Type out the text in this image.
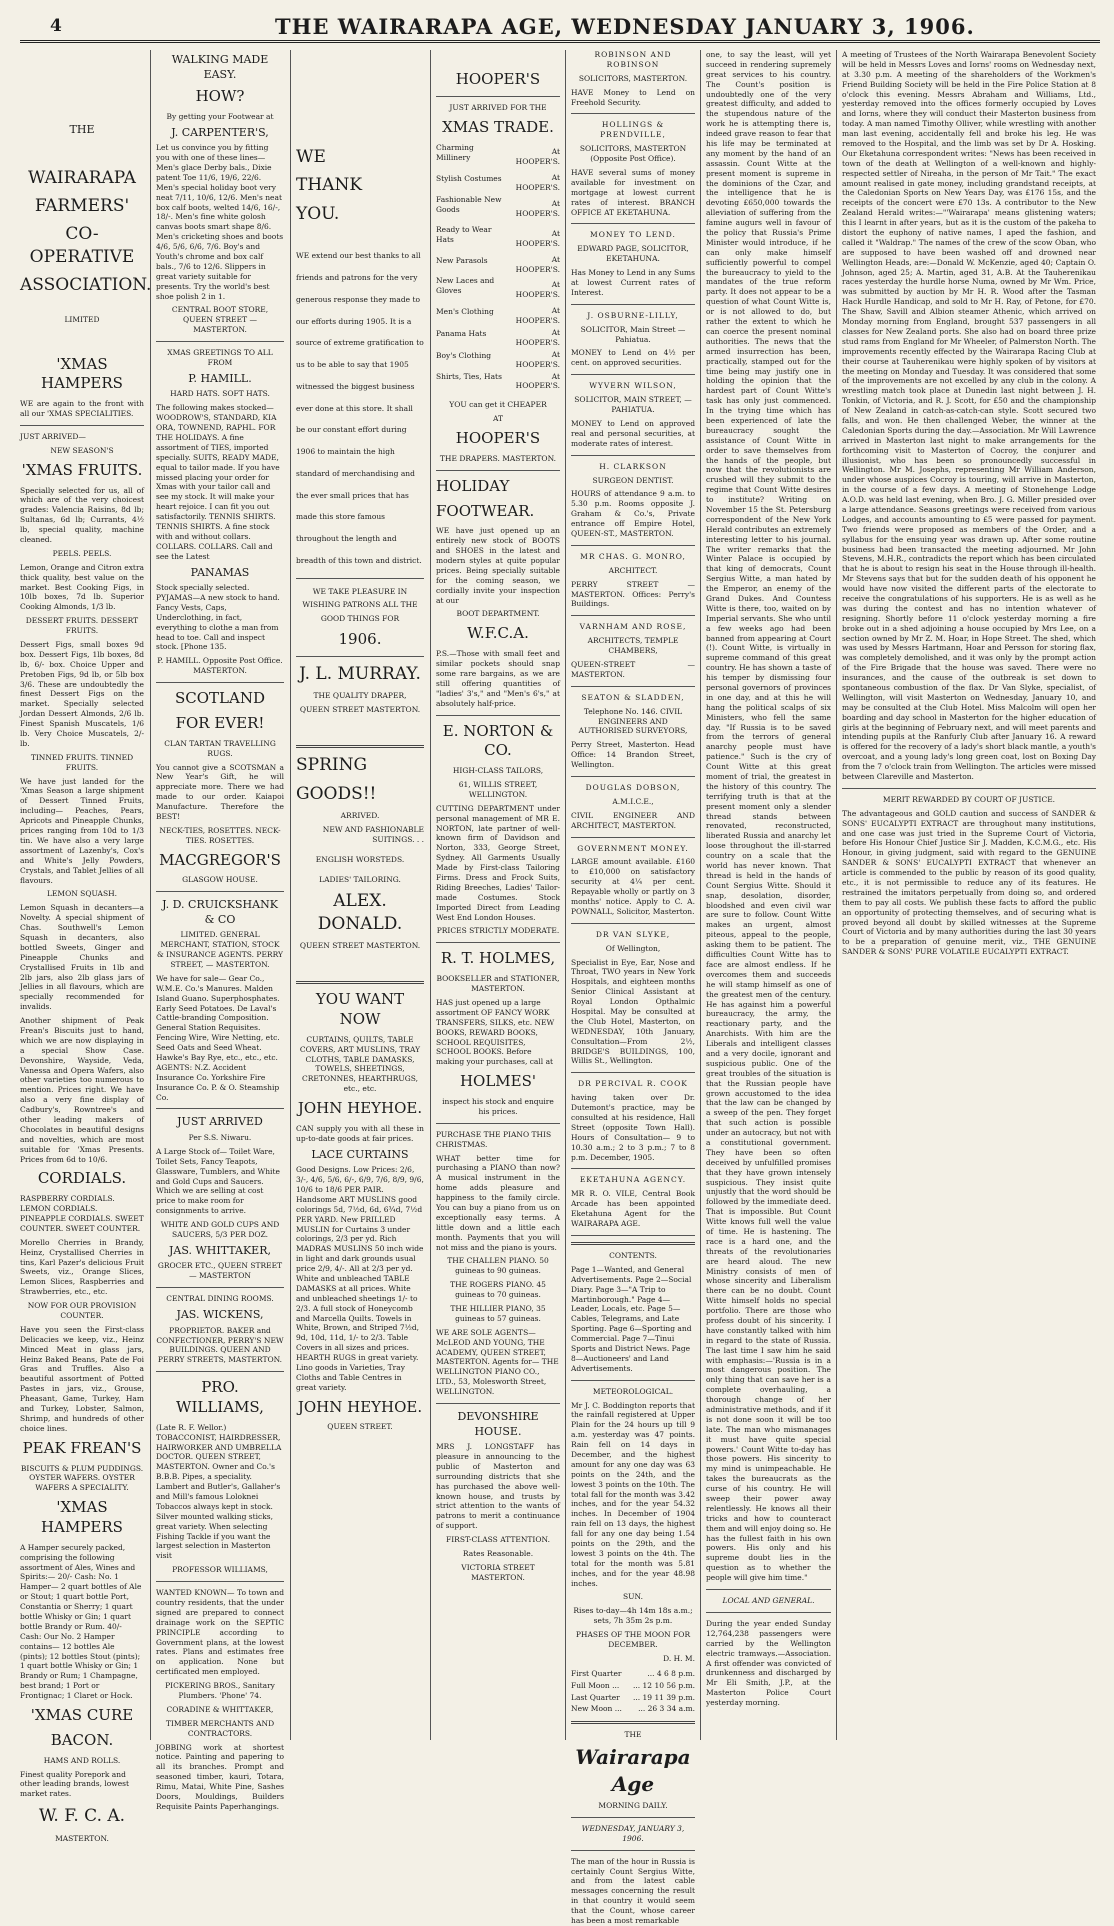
4	THE WAIRARAPA AGE, WEDNESDAY JANUARY 3, 1906.

THE

WAIRARAPA

FARMERS'

CO-OPERATIVE

ASSOCIATION.

LIMITED

'XMAS HAMPERS

WE are again to the front with all our 'XMAS SPECIALITIES.

JUST ARRIVED—

NEW SEASON'S

'XMAS FRUITS.

Specially selected for us, all of which are of the very choicest grades: Valencia Raisins, 8d lb; Sultanas, 6d lb; Currants, 4½ lb, special quality, machine cleaned.

PEELS. PEELS.

Lemon, Orange and Citron extra thick quality, best value on the market. Best Cooking Figs, in 10lb boxes, 7d lb. Superior Cooking Almonds, 1/3 lb.

DESSERT FRUITS. DESSERT FRUITS.

Dessert Figs, small boxes 9d box. Dessert Figs, 1lb boxes, 8d lb, 6/- box. Choice Upper and Pretoben Figs, 9d lb, or 5lb box 3/6. These are undoubtedly the finest Dessert Figs on the market. Specially selected Jordan Dessert Almonds, 2/6 lb. Finest Spanish Muscatels, 1/6 lb. Very Choice Muscatels, 2/- lb.

TINNED FRUITS. TINNED FRUITS.

We have just landed for the 'Xmas Season a large shipment of Dessert Tinned Fruits, including— Peaches, Pears, Apricots and Pineapple Chunks, prices ranging from 10d to 1/3 tin. We have also a very large assortment of Lazenby's, Cox's and White's Jelly Powders, Crystals, and Tablet Jellies of all flavours.

LEMON SQUASH.

Lemon Squash in decanters—a Novelty. A special shipment of Chas. Southwell's Lemon Squash in decanters, also bottled Sweets, Ginger and Pineapple Chunks and Crystallised Fruits in 1lb and 2lb jars, also 2lb glass jars of Jellies in all flavours, which are specially recommended for invalids.

Another shipment of Peak Frean's Biscuits just to hand, which we are now displaying in a special Show Case. Devonshire, Wayside, Veda, Vanessa and Opera Wafers, also other varieties too numerous to mention. Prices right. We have also a very fine display of Cadbury's, Rowntree's and other leading makers of Chocolates in beautiful designs and novelties, which are most suitable for 'Xmas Presents. Prices from 6d to 10/6.

CORDIALS.

RASPBERRY CORDIALS. LEMON CORDIALS. PINEAPPLE CORDIALS. SWEET COUNTER. SWEET COUNTER.

Morello Cherries in Brandy, Heinz, Crystallised Cherries in tins, Karl Pazer's delicious Fruit Sweets, viz., Orange Slices, Lemon Slices, Raspberries and Strawberries, etc., etc.

NOW FOR OUR PROVISION COUNTER.

Have you seen the First-class Delicacies we keep, viz., Heinz Minced Meat in glass jars, Heinz Baked Beans, Pate de Foi Gras and Truffles. Also a beautiful assortment of Potted Pastes in jars, viz., Grouse, Pheasant, Game, Turkey, Ham and Turkey, Lobster, Salmon, Shrimp, and hundreds of other choice lines.

PEAK FREAN'S

BISCUITS & PLUM PUDDINGS. OYSTER WAFERS. OYSTER WAFERS A SPECIALITY.

'XMAS HAMPERS

A Hamper securely packed, comprising the following assortment of Ales, Wines and Spirits:— 20/- Cash: No. 1 Hamper— 2 quart bottles of Ale or Stout; 1 quart bottle Port, Constantia or Sherry; 1 quart bottle Whisky or Gin; 1 quart bottle Brandy or Rum. 40/- Cash: Our No. 2 Hamper contains— 12 bottles Ale (pints); 12 bottles Stout (pints); 1 quart bottle Whisky or Gin; 1 Brandy or Rum; 1 Champagne, best brand; 1 Port or Frontignac; 1 Claret or Hock.

'XMAS CURE

BACON.

HAMS AND ROLLS.

Finest quality Porepork and other leading brands, lowest market rates.

W. F. C. A.

MASTERTON.

WALKING MADE EASY.

HOW?

By getting your Footwear at

J. CARPENTER'S,

Let us convince you by fitting you with one of these lines— Men's glace Derby bals., Dixie patent Toe 11/6, 19/6, 22/6. Men's special holiday boot very neat 7/11, 10/6, 12/6. Men's neat box calf boots, welted 14/6, 16/-, 18/-. Men's fine white golosh canvas boots smart shape 8/6. Men's cricketing shoes and boots 4/6, 5/6, 6/6, 7/6. Boy's and Youth's chrome and box calf bals., 7/6 to 12/6. Slippers in great variety suitable for presents. Try the world's best shoe polish 2 in 1.

CENTRAL BOOT STORE, QUEEN STREET — MASTERTON.

XMAS GREETINGS TO ALL FROM

P. HAMILL.

HARD HATS. SOFT HATS.

The following makes stocked—WOODROW'S, STANDARD, KIA ORA, TOWNEND, RAPHL. FOR THE HOLIDAYS. A fine assortment of TIES, imported specially. SUITS, READY MADE, equal to tailor made. If you have missed placing your order for Xmas with your tailor call and see my stock. It will make your heart rejoice. I can fit you out satisfactorily. TENNIS SHIRTS. TENNIS SHIRTS. A fine stock with and without collars. COLLARS. COLLARS. Call and see the Latest

PANAMAS

Stock specially selected. PYJAMAS—A new stock to hand. Fancy Vests, Caps, Underclothing, in fact, everything to clothe a man from head to toe. Call and inspect stock. [Phone 135.

P. HAMILL. Opposite Post Office. MASTERTON.

SCOTLAND

FOR EVER!

CLAN TARTAN TRAVELLING RUGS.

You cannot give a SCOTSMAN a New Year's Gift, he will appreciate more. There we had made to our order. Kaiapoi Manufacture. Therefore the BEST!

NECK-TIES, ROSETTES. NECK-TIES. ROSETTES.

MACGREGOR'S

GLASGOW HOUSE.

J. D. CRUICKSHANK & CO

LIMITED. GENERAL MERCHANT, STATION, STOCK & INSURANCE AGENTS. PERRY STREET, — MASTERTON.

We have for sale— Gear Co., W.M.E. Co.'s Manures. Malden Island Guano. Superphosphates. Early Seed Potatoes. De Laval's Cattle-branding Composition. General Station Requisites. Fencing Wire, Wire Netting, etc. Seed Oats and Seed Wheat. Hawke's Bay Rye, etc., etc., etc. AGENTS: N.Z. Accident Insurance Co. Yorkshire Fire Insurance Co. P. & O. Steamship Co.

JUST ARRIVED

Per S.S. Niwaru.

A Large Stock of— Toilet Ware, Toilet Sets, Fancy Teapots, Glassware, Tumblers, and White and Gold Cups and Saucers. Which we are selling at cost price to make room for consignments to arrive.

WHITE AND GOLD CUPS AND SAUCERS, 5/3 PER DOZ.

JAS. WHITTAKER,

GROCER ETC., QUEEN STREET — MASTERTON

CENTRAL DINING ROOMS.

JAS. WICKENS,

PROPRIETOR. BAKER and CONFECTIONER, PERRY'S NEW BUILDINGS. QUEEN AND PERRY STREETS, MASTERTON.

PRO. WILLIAMS,

(Late R. F. Wellor.) TOBACCONIST, HAIRDRESSER, HAIRWORKER AND UMBRELLA DOCTOR. QUEEN STREET, MASTERTON. Owner and Co.'s B.B.B. Pipes, a speciality. Lambert and Butler's, Gallaher's and Mill's famous Loloknei Tobaccos always kept in stock. Silver mounted walking sticks, great variety. When selecting Fishing Tackle if you want the largest selection in Masterton visit

PROFESSOR WILLIAMS,

WANTED KNOWN— To town and country residents, that the under signed are prepared to connect drainage work on the SEPTIC PRINCIPLE according to Government plans, at the lowest rates. Plans and estimates free on application. None but certificated men employed.

PICKERING BROS., Sanitary Plumbers. 'Phone' 74.

CORADINE & WHITTAKER,

TIMBER MERCHANTS AND CONTRACTORS.

JOBBING work at shortest notice. Painting and papering to all its branches. Prompt and seasoned timber, kauri, Totara, Rimu, Matai, White Pine, Sashes Doors, Mouldings, Builders Requisite Paints Paperhangings.

WE

THANK

YOU.

WE extend our best thanks to all friends and patrons for the very generous response they made to our efforts during 1905. It is a source of extreme gratification to us to be able to say that 1905 witnessed the biggest business ever done at this store. It shall be our constant effort during 1906 to maintain the high standard of merchandising and the ever small prices that has made this store famous throughout the length and breadth of this town and district.

WE TAKE PLEASURE IN WISHING PATRONS ALL THE GOOD THINGS FOR

1906.

J. L. MURRAY.

THE QUALITY DRAPER,

QUEEN STREET MASTERTON.

SPRING

GOODS!!

ARRIVED.

NEW AND FASHIONABLE SUITINGS. . .

ENGLISH WORSTEDS.

LADIES' TAILORING.

ALEX. DONALD.

QUEEN STREET MASTERTON.

YOU WANT NOW

CURTAINS, QUILTS, TABLE COVERS, ART MUSLINS, TRAY CLOTHS, TABLE DAMASKS, TOWELS, SHEETINGS, CRETONNES, HEARTHRUGS, etc., etc.

JOHN HEYHOE.

CAN supply you with all these in up-to-date goods at fair prices.

LACE CURTAINS

Good Designs. Low Prices: 2/6, 3/-, 4/6, 5/6, 6/-, 6/9, 7/6, 8/9, 9/6, 10/6 to 18/6 PER PAIR. Handsome ART MUSLINS good colorings 5d, 7½d, 6d, 6¾d, 7½d PER YARD. New FRILLED MUSLIN for Curtains 3 under colorings, 2/3 per yd. Rich MADRAS MUSLINS 50 inch wide in light and dark grounds usual price 2/9, 4/-. All at 2/3 per yd. White and unbleached TABLE DAMASKS at all prices. White and unbleached sheetings 1/- to 2/3. A full stock of Honeycomb and Marcella Quilts. Towels in White, Brown, and Striped 7½d, 9d, 10d, 11d, 1/- to 2/3. Table Covers in all sizes and prices. HEARTH RUGS in great variety. Lino goods in Varieties, Tray Cloths and Table Centres in great variety.

JOHN HEYHOE.

QUEEN STREET.

HOOPER'S

JUST ARRIVED FOR THE

XMAS TRADE.

Charming Millinery	At HOOPER'S.
Stylish Costumes	At HOOPER'S.
Fashionable New Goods	At HOOPER'S.
Ready to Wear Hats	At HOOPER'S.
New Parasols	At HOOPER'S.
New Laces and Gloves	At HOOPER'S.
Men's Clothing	At HOOPER'S.
Panama Hats	At HOOPER'S.
Boy's Clothing	At HOOPER'S.
Shirts, Ties, Hats	At HOOPER'S.

YOU can get it CHEAPER

AT

HOOPER'S

THE DRAPERS. MASTERTON.

HOLIDAY

FOOTWEAR.

WE have just opened up an entirely new stock of BOOTS and SHOES in the latest and modern styles at quite popular prices. Being specially suitable for the coming season, we cordially invite your inspection at our

BOOT DEPARTMENT.

W.F.C.A.

P.S.—Those with small feet and similar pockets should snap some rare bargains, as we are still offering quantities of "ladies' 3's," and "Men's 6's," at absolutely half-price.

E. NORTON & CO.

HIGH-CLASS TAILORS,

61, WILLIS STREET, WELLINGTON.

CUTTING DEPARTMENT under personal management of MR E. NORTON, late partner of well-known firm of Davidson and Norton, 333, George Street, Sydney. All Garments Usually Made by First-class Tailoring Firms. Dress and Frock Suits, Riding Breeches, Ladies' Tailor-made Costumes. Stock Imported Direct from Leading West End London Houses.

PRICES STRICTLY MODERATE.

R. T. HOLMES,

BOOKSELLER and STATIONER, MASTERTON.

HAS just opened up a large assortment OF FANCY WORK TRANSFERS, SILKS, etc. NEW BOOKS, REWARD BOOKS, SCHOOL REQUISITES, SCHOOL BOOKS. Before making your purchases, call at

HOLMES'

inspect his stock and enquire his prices.

PURCHASE THE PIANO THIS CHRISTMAS.

WHAT better time for purchasing a PIANO than now? A musical instrument in the home adds pleasure and happiness to the family circle. You can buy a piano from us on exceptionally easy terms. A little down and a little each month. Payments that you will not miss and the piano is yours.

THE CHALLEN PIANO. 50 guineas to 90 guineas.

THE ROGERS PIANO. 45 guineas to 70 guineas.

THE HILLIER PIANO, 35 guineas to 57 guineas.

WE ARE SOLE AGENTS— McLEOD AND YOUNG, THE ACADEMY, QUEEN STREET, MASTERTON. Agents for— THE WELLINGTON PIANO CO., LTD., 53, Molesworth Street, WELLINGTON.

DEVONSHIRE HOUSE.

MRS J. LONGSTAFF has pleasure in announcing to the public of Masterton and surrounding districts that she has purchased the above well-known house, and trusts by strict attention to the wants of patrons to merit a continuance of support.

FIRST-CLASS ATTENTION.

Rates Reasonable.

VICTORIA STREET MASTERTON.

ROBINSON AND ROBINSON

SOLICITORS, MASTERTON.

HAVE Money to Lend on Freehold Security.

HOLLINGS & PRENDVILLE,

SOLICITORS, MASTERTON (Opposite Post Office).

HAVE several sums of money available for investment on mortgage at lowest current rates of interest. BRANCH OFFICE AT EKETAHUNA.

MONEY TO LEND.

EDWARD PAGE, SOLICITOR, EKETAHUNA.

Has Money to Lend in any Sums at lowest Current rates of Interest.

J. OSBURNE-LILLY,

SOLICITOR, Main Street — Pahiatua.

MONEY to Lend on 4½ per cent. on approved securities.

WYVERN WILSON,

SOLICITOR, MAIN STREET, — PAHIATUA.

MONEY to Lend on approved real and personal securities, at moderate rates of interest.

H. CLARKSON

SURGEON DENTIST.

HOURS of attendance 9 a.m. to 5.30 p.m. Rooms opposite J. Graham & Co.'s, Private entrance off Empire Hotel, QUEEN-ST., MASTERTON.

MR CHAS. G. MONRO,

ARCHITECT.

PERRY STREET — MASTERTON. Offices: Perry's Buildings.

VARNHAM AND ROSE,

ARCHITECTS, TEMPLE CHAMBERS,

QUEEN-STREET — MASTERTON.

SEATON & SLADDEN,

Telephone No. 146. CIVIL ENGINEERS AND AUTHORISED SURVEYORS,

Perry Street, Masterton. Head Office: 14 Brandon Street, Wellington.

DOUGLAS DOBSON,

A.M.I.C.E.,

CIVIL ENGINEER AND ARCHITECT, MASTERTON.

GOVERNMENT MONEY.

LARGE amount available. £160 to £10,000 on satisfactory security at 4¼ per cent. Repayable wholly or partly on 3 months' notice. Apply to C. A. POWNALL, Solicitor, Masterton.

DR VAN SLYKE,

Of Wellington,

Specialist in Eye, Ear, Nose and Throat, TWO years in New York Hospitals, and eighteen months Senior Clinical Assistant at Royal London Opthalmic Hospital. May be consulted at the Club Hotel, Masterton, on WEDNESDAY, 10th January, Consultation—From 2½, BRIDGE'S BUILDINGS, 100, Willis St., Wellington.

DR PERCIVAL R. COOK

having taken over Dr. Dutemont's practice, may be consulted at his residence, Hall Street (opposite Town Hall). Hours of Consultation— 9 to 10.30 a.m.; 2 to 3 p.m.; 7 to 8 p.m. December, 1905.

EKETAHUNA AGENCY.

MR R. O. VILE, Central Book Arcade has been appointed Eketahuna Agent for the WAIRARAPA AGE.

CONTENTS.

Page 1—Wanted, and General Advertisements. Page 2—Social Diary. Page 3—"A Trip to Martinborough." Page 4—Leader, Locals, etc. Page 5—Cables, Telegrams, and Late Sporting. Page 6—Sporting and Commercial. Page 7—Tinui Sports and District News. Page 8—Auctioneers' and Land Advertisements.

METEOROLOGICAL.

Mr J. C. Boddington reports that the rainfall registered at Upper Plain for the 24 hours up till 9 a.m. yesterday was 47 points. Rain fell on 14 days in December, and the highest amount for any one day was 63 points on the 24th, and the lowest 3 points on the 10th. The total fall for the month was 3.42 inches, and for the year 54.32 inches. In December of 1904 rain fell on 13 days, the highest fall for any one day being 1.54 points on the 29th, and the lowest 3 points on the 4th. The total for the month was 5.81 inches, and for the year 48.98 inches.

SUN.

Rises to-day—4h 14m 18s a.m.; sets, 7h 35m 2s p.m.

PHASES OF THE MOON FOR DECEMBER.

D. H. M.

First Quarter	... 4 6 8 p.m.
Full Moon ...	... 12 10 56 p.m.
Last Quarter	... 19 11 39 p.m.
New Moon ...	... 26 3 34 a.m.

THE

Wairarapa Age

MORNING DAILY.

WEDNESDAY, JANUARY 3, 1906.

The man of the hour in Russia is certainly Count Sergius Witte, and from the latest cable messages concerning the result in that country it would seem that the Count, whose career has been a most remarkable

one, to say the least, will yet succeed in rendering supremely great services to his country. The Count's position is undoubtedly one of the very greatest difficulty, and added to the stupendous nature of the work he is attempting there is, indeed grave reason to fear that his life may be terminated at any moment by the hand of an assassin. Count Witte at the present moment is supreme in the dominions of the Czar, and the intelligence that he is devoting £650,000 towards the alleviation of suffering from the famine augurs well in favour of the policy that Russia's Prime Minister would introduce, if he can only make himself sufficiently powerful to compel the bureaucracy to yield to the mandates of the true reform party. It does not appear to be a question of what Count Witte is, or is not allowed to do, but rather the extent to which he can coerce the present nominal authorities. The news that the armed insurrection has been, practically, stamped out for the time being may justify one in holding the opinion that the hardest part of Count Witte's task has only just commenced. In the trying time which has been experienced of late the bureaucracy sought the assistance of Count Witte in order to save themselves from the hands of the people, but now that the revolutionists are crushed will they submit to the regime that Count Witte desires to institute? Writing on November 15 the St. Petersburg correspondent of the New York Herald contributes an extremely interesting letter to his journal. The writer remarks that the Winter Palace is occupied by that king of democrats, Count Sergius Witte, a man hated by the Emperor, an enemy of the Grand Dukes. And Countess Witte is there, too, waited on by Imperial servants. She who until a few weeks ago had been banned from appearing at Court (!). Count Witte, is virtually in supreme command of this great country. He has shown a taste of his temper by dismissing four personal governors of provinces in one day, and at this he will hang the political scalps of six Ministers, who fell the same day. "If Russia is to be saved from the terrors of general anarchy people must have patience." Such is the cry of Count Witte at this great moment of trial, the greatest in the history of this country. The terrifying truth is that at the present moment only a slender thread stands between renovated, reconstructed, liberated Russia and anarchy let loose throughout the ill-starred country on a scale that the world has never known. That thread is held in the hands of Count Sergius Witte. Should it snap, desolation, disorder, bloodshed and even civil war are sure to follow. Count Witte makes an urgent, almost piteous, appeal to the people, asking them to be patient. The difficulties Count Witte has to face are almost endless. If he overcomes them and succeeds he will stamp himself as one of the greatest men of the century. He has against him a powerful bureaucracy, the army, the reactionary party, and the Anarchists. With him are the Liberals and intelligent classes and a very docile, ignorant and suspicious public. One of the great troubles of the situation is that the Russian people have grown accustomed to the idea that the law can be changed by a sweep of the pen. They forget that such action is possible under an autocracy, but not with a constitutional government. They have been so often deceived by unfulfilled promises that they have grown intensely suspicious. They insist quite unjustly that the word should be followed by the immediate deed. That is impossible. But Count Witte knows full well the value of time. He is hastening. The race is a hard one, and the threats of the revolutionaries are heard aloud. The new Ministry consists of men of whose sincerity and Liberalism there can be no doubt. Count Witte himself holds no special portfolio. There are those who profess doubt of his sincerity. I have constantly talked with him in regard to the state of Russia. The last time I saw him he said with emphasis:—'Russia is in a most dangerous position. The only thing that can save her is a complete overhauling, a thorough change of her administrative methods, and if it is not done soon it will be too late. The man who mismanages it must have quite special powers.' Count Witte to-day has those powers. His sincerity to my mind is unimpeachable. He takes the bureaucrats as the curse of his country. He will sweep their power away relentlessly. He knows all their tricks and how to counteract them and will enjoy doing so. He has the fullest faith in his own powers. His only and his supreme doubt lies in the question as to whether the people will give him time."

LOCAL AND GENERAL.

During the year ended Sunday 12,764,238 passengers were carried by the Wellington electric tramways.—Association. A first offender was convicted of drunkenness and discharged by Mr Eli Smith, J.P., at the Masterton Police Court yesterday morning.

A meeting of Trustees of the North Wairarapa Benevolent Society will be held in Messrs Loves and Iorns' rooms on Wednesday next, at 3.30 p.m. A meeting of the shareholders of the Workmen's Friend Building Society will be held in the Fire Police Station at 8 o'clock this evening. Messrs Abraham and Williams, Ltd., yesterday removed into the offices formerly occupied by Loves and Iorns, where they will conduct their Masterton business from today. A man named Timothy Olliver, while wrestling with another man last evening, accidentally fell and broke his leg. He was removed to the Hospital, and the limb was set by Dr A. Hosking. Our Eketahuna correspondent writes: "News has been received in town of the death at Wellington of a well-known and highly-respected settler of Nireaha, in the person of Mr Tait." The exact amount realised in gate money, including grandstand receipts, at the Caledonian Sports on New Years Day, was £176 15s, and the receipts of the concert were £70 13s. A contributor to the New Zealand Herald writes:—"'Wairarapa' means glistening waters; this I learnt in after years, but as it is the custom of the pakeha to distort the euphony of native names, I aped the fashion, and called it "Waldrap." The names of the crew of the scow Oban, who are supposed to have been washed off and drowned near Wellington Heads, are:—Donald W. McKenzie, aged 40; Captain O. Johnson, aged 25; A. Martin, aged 31, A.B. At the Tauherenikau races yesterday the hurdle horse Numa, owned by Mr Wm. Price, was submitted by auction by Mr H. R. Wood after the Tasman Hack Hurdle Handicap, and sold to Mr H. Ray, of Petone, for £70. The Shaw, Savill and Albion steamer Athenic, which arrived on Monday morning from England, brought 537 passengers in all classes for New Zealand ports. She also had on board three prize stud rams from England for Mr Wheeler, of Palmerston North. The improvements recently effected by the Wairarapa Racing Club at their course at Tauherenikau were highly spoken of by visitors at the meeting on Monday and Tuesday. It was considered that some of the improvements are not excelled by any club in the colony. A wrestling match took place at Dunedin last night between J. H. Tonkin, of Victoria, and R. J. Scott, for £50 and the championship of New Zealand in catch-as-catch-can style. Scott secured two falls, and won. He then challenged Weber, the winner at the Caledonian Sports during the day.—Association. Mr Will Lawrence arrived in Masterton last night to make arrangements for the forthcoming visit to Masterton of Cocroy, the conjurer and illusionist, who has been so pronouncedly successful in Wellington. Mr M. Josephs, representing Mr William Anderson, under whose auspices Cocroy is touring, will arrive in Masterton, in the course of a few days. A meeting of Stonehenge Lodge A.O.D. was held last evening, when Bro. J. G. Miller presided over a large attendance. Seasons greetings were received from various Lodges, and accounts amounting to £5 were passed for payment. Two friends were proposed as members of the Order, and a syllabus for the ensuing year was drawn up. After some routine business had been transacted the meeting adjourned. Mr John Stevens, M.H.R., contradicts the report which has been circulated that he is about to resign his seat in the House through ill-health. Mr Stevens says that but for the sudden death of his opponent he would have now visited the different parts of the electorate to receive the congratulations of his supporters. He is as well as he was during the contest and has no intention whatever of resigning. Shortly before 11 o'clock yesterday morning a fire broke out in a shed adjoining a house occupied by Mrs Lee, on a section owned by Mr Z. M. Hoar, in Hope Street. The shed, which was used by Messrs Hartmann, Hoar and Persson for storing flax, was completely demolished, and it was only by the prompt action of the Fire Brigade that the house was saved. There were no insurances, and the cause of the outbreak is set down to spontaneous combustion of the flax. Dr Van Slyke, specialist, of Wellington, will visit Masterton on Wednesday, January 10, and may be consulted at the Club Hotel. Miss Malcolm will open her boarding and day school in Masterton for the higher education of girls at the beginning of February next, and will meet parents and intending pupils at the Ranfurly Club after January 16. A reward is offered for the recovery of a lady's short black mantle, a youth's overcoat, and a young lady's long green coat, lost on Boxing Day from the 7 o'clock train from Wellington. The articles were missed between Clareville and Masterton.

MERIT REWARDED BY COURT OF JUSTICE.

The advantageous and GOLD caution and success of SANDER & SONS' EUCALYPTI EXTRACT are throughout many institutions, and one case was just tried in the Supreme Court of Victoria, before His Honour Chief Justice Sir J. Madden, K.C.M.G., etc. His Honour, in giving judgment, said with regard to the GENUINE SANDER & SONS' EUCALYPTI EXTRACT that whenever an article is commended to the public by reason of its good quality, etc., it is not permissible to reduce any of its features. He restrained the imitators perpetually from doing so, and ordered them to pay all costs. We publish these facts to afford the public an opportunity of protecting themselves, and of securing what is proved beyond all doubt by skilled witnesses at the Supreme Court of Victoria and by many authorities during the last 30 years to be a preparation of genuine merit, viz., THE GENUINE SANDER & SONS' PURE VOLATILE EUCALYPTI EXTRACT.
